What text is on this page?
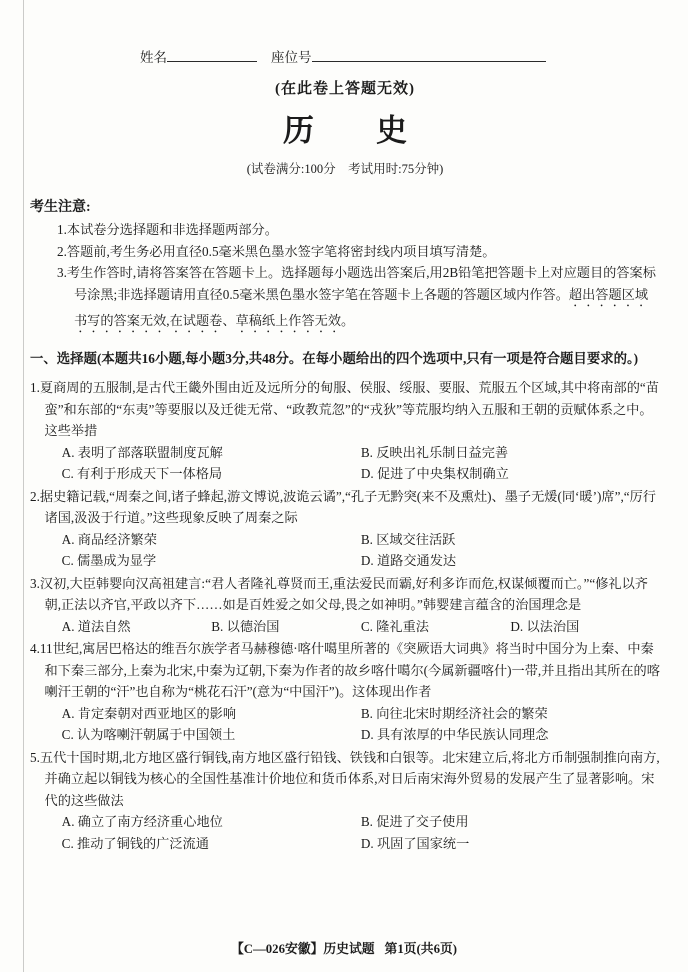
姓名	座位号
(在此卷上答题无效)
历　　史
(试卷满分:100分　考试用时:75分钟)
考生注意:
1.本试卷分选择题和非选择题两部分。
2.答题前,考生务必用直径0.5毫米黑色墨水签字笔将密封线内项目填写清楚。
3.考生作答时,请将答案答在答题卡上。选择题每小题选出答案后,用2B铅笔把答题卡上对应题目的答案标号涂黑;非选择题请用直径0.5毫米黑色墨水签字笔在答题卡上各题的答题区域内作答。超出答题区域书写的答案无效,在试题卷、草稿纸上作答无效。
一、选择题(本题共16小题,每小题3分,共48分。在每小题给出的四个选项中,只有一项是符合题目要求的。)

1.夏商周的五服制,是古代王畿外围由近及远所分的甸服、侯服、绥服、要服、荒服五个区域,其中将南部的“苗蛮”和东部的“东夷”等要服以及迁徙无常、“政教荒忽”的“戎狄”等荒服均纳入五服和王朝的贡赋体系之中。这些举措

A. 表明了部落联盟制度瓦解	B. 反映出礼乐制日益完善
C. 有利于形成天下一体格局	D. 促进了中央集权制确立

2.据史籍记载,“周秦之间,诸子蜂起,游文博说,波诡云谲”,“孔子无黔突(来不及熏灶)、墨子无煖(同‘暖’)席”,“厉行诸国,汲汲于行道。”这些现象反映了周秦之际

A. 商品经济繁荣	B. 区域交往活跃
C. 儒墨成为显学	D. 道路交通发达

3.汉初,大臣韩婴向汉高祖建言:“君人者隆礼尊贤而王,重法爱民而霸,好利多诈而危,权谋倾覆而亡。”“修礼以齐朝,正法以齐官,平政以齐下……如是百姓爱之如父母,畏之如神明。”韩婴建言蕴含的治国理念是

A. 道法自然	B. 以德治国	C. 隆礼重法	D. 以法治国

4.11世纪,寓居巴格达的维吾尔族学者马赫穆德·喀什噶里所著的《突厥语大词典》将当时中国分为上秦、中秦和下秦三部分,上秦为北宋,中秦为辽朝,下秦为作者的故乡喀什噶尔(今属新疆喀什)一带,并且指出其所在的喀喇汗王朝的“汗”也自称为“桃花石汗”(意为“中国汗”)。这体现出作者

A. 肯定秦朝对西亚地区的影响	B. 向往北宋时期经济社会的繁荣
C. 认为喀喇汗朝属于中国领土	D. 具有浓厚的中华民族认同理念

5.五代十国时期,北方地区盛行铜钱,南方地区盛行铅钱、铁钱和白银等。北宋建立后,将北方币制强制推向南方,并确立起以铜钱为核心的全国性基准计价地位和货币体系,对日后南宋海外贸易的发展产生了显著影响。宋代的这些做法

A. 确立了南方经济重心地位	B. 促进了交子使用
C. 推动了铜钱的广泛流通	D. 巩固了国家统一
【C—026安徽】历史试题 第1页(共6页)
